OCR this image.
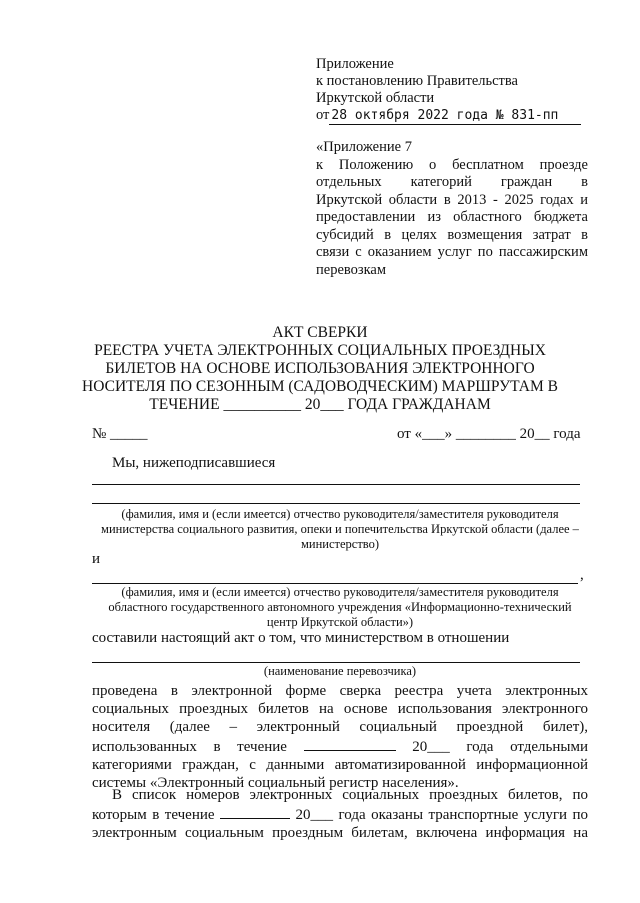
Приложение
к постановлению Правительства
Иркутской области
от 28 октября 2022 года № 831-пп
«Приложение 7
к Положению о бесплатном проезде
отдельных категорий граждан в
Иркутской области в 2013 - 2025 годах и
предоставлении из областного бюджета
субсидий в целях возмещения затрат в
связи с оказанием услуг по пассажирским
перевозкам
АКТ СВЕРКИ
РЕЕСТРА УЧЕТА ЭЛЕКТРОННЫХ СОЦИАЛЬНЫХ ПРОЕЗДНЫХ
БИЛЕТОВ НА ОСНОВЕ ИСПОЛЬЗОВАНИЯ ЭЛЕКТРОННОГО
НОСИТЕЛЯ ПО СЕЗОННЫМ (САДОВОДЧЕСКИМ) МАРШРУТАМ В
ТЕЧЕНИЕ __________ 20___ ГОДА ГРАЖДАНАМ
№ _____	от «___» ________ 20__ года
Мы, нижеподписавшиеся
(фамилия, имя и (если имеется) отчество руководителя/заместителя руководителя
министерства социального развития, опеки и попечительства Иркутской области (далее –
министерство)
и
,
(фамилия, имя и (если имеется) отчество руководителя/заместителя руководителя
областного государственного автономного учреждения «Информационно-технический
центр Иркутской области»)
составили настоящий акт о том, что министерством в отношении
(наименование перевозчика)
проведена в электронной форме сверка реестра учета электронных
социальных проездных билетов на основе использования электронного
носителя (далее – электронный социальный проездной билет),
использованных в течение	20___ года отдельными
категориями граждан, с данными автоматизированной информационной
системы «Электронный социальный регистр населения».
В список номеров электронных социальных проездных билетов, по
которым в течение	20___ года оказаны транспортные услуги по
электронным социальным проездным билетам, включена информация на
